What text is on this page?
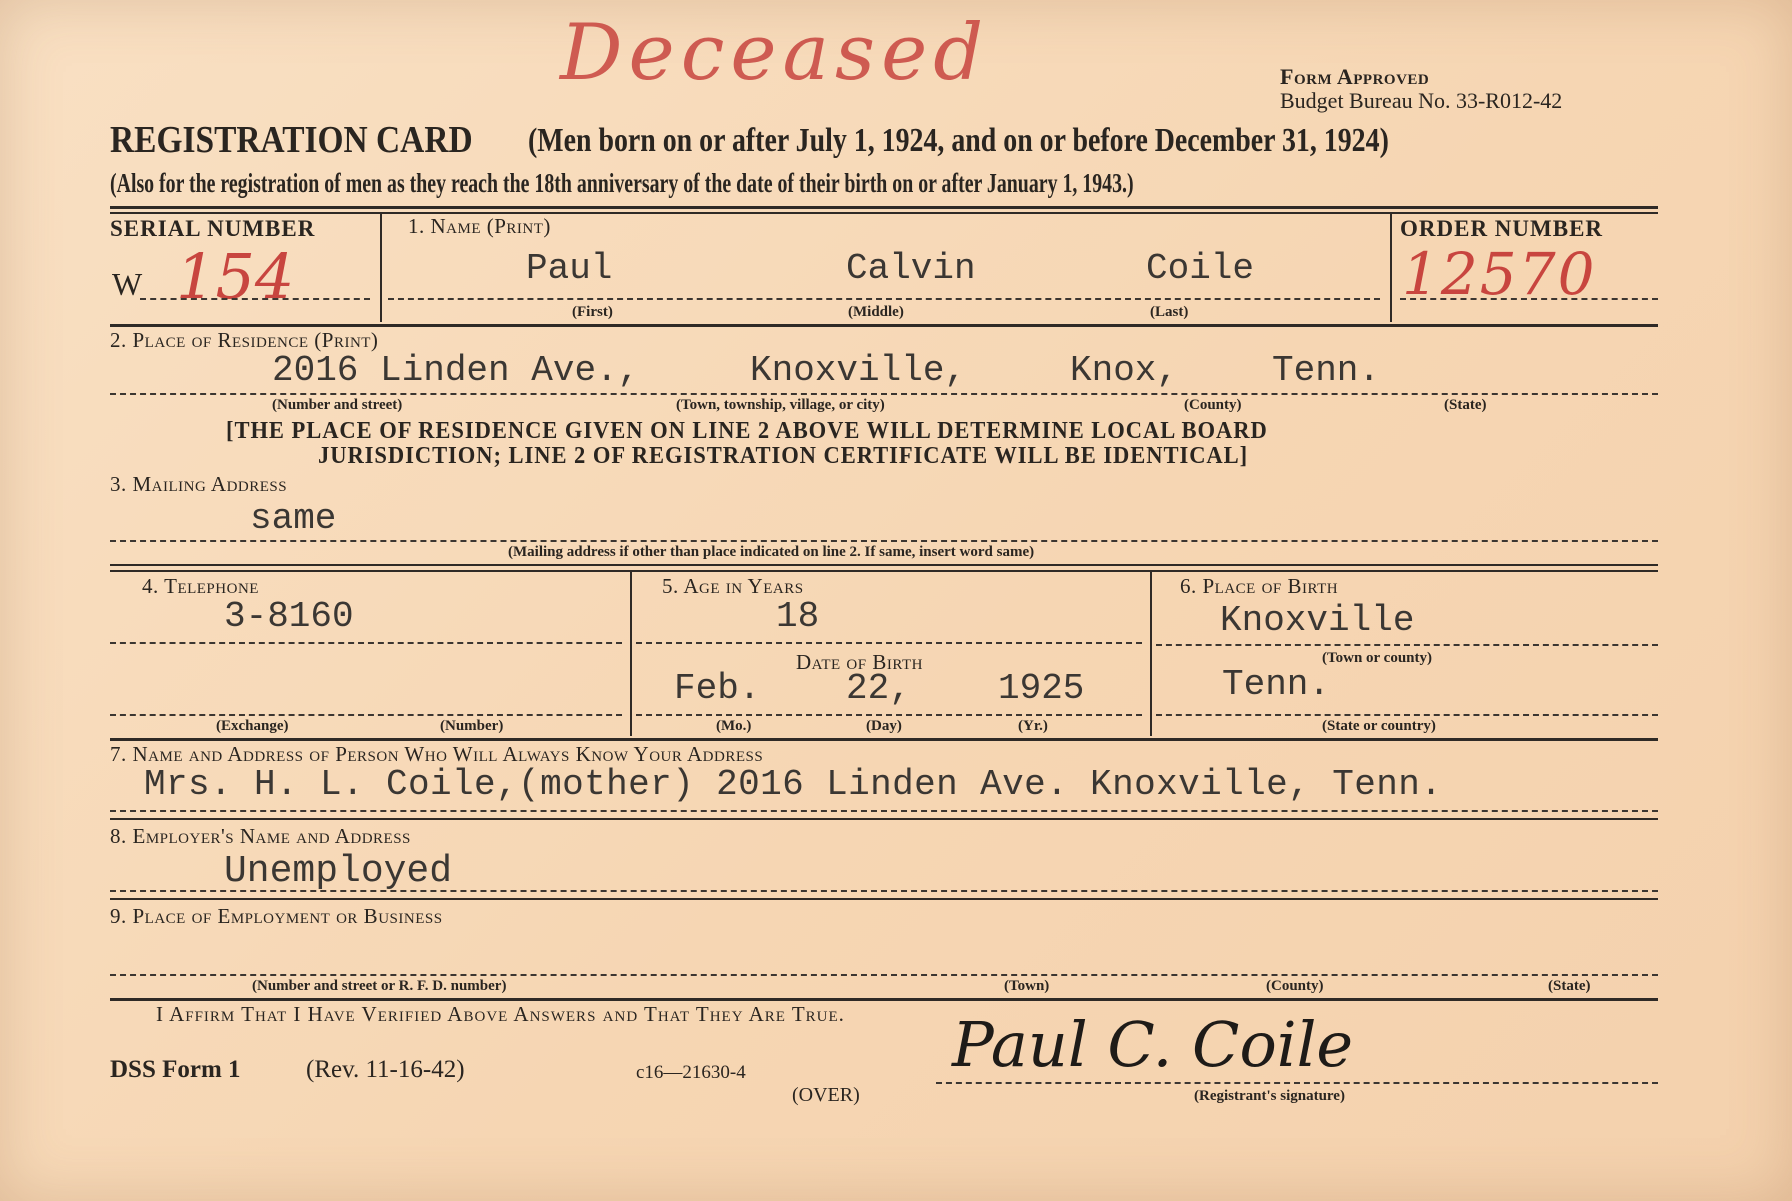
Deceased	Form Approved
Budget Bureau No. 33-R012-42
REGISTRATION CARD (Men born on or after July 1, 1924, and on or before December 31, 1924)
(Also for the registration of men as they reach the 18th anniversary of the date of their birth on or after January 1, 1943.)
SERIAL NUMBER
W 154
1. Name (Print)
Paul	Calvin	Coile
(First)	(Middle)	(Last)
ORDER NUMBER
12570
2. Place of Residence (Print)
2016 Linden Ave.,	Knoxville,	Knox,	Tenn.
(Number and street)	(Town, township, village, or city)	(County)	(State)
[THE PLACE OF RESIDENCE GIVEN ON LINE 2 ABOVE WILL DETERMINE LOCAL BOARD
JURISDICTION; LINE 2 OF REGISTRATION CERTIFICATE WILL BE IDENTICAL]
3. Mailing Address
same
(Mailing address if other than place indicated on line 2. If same, insert word same)
4. Telephone
3-8160
(Exchange)	(Number)
5. Age in Years
18
Date of Birth
Feb. 22, 1925
(Mo.)	(Day)	(Yr.)
6. Place of Birth
Knoxville
(Town or county)
Tenn.
(State or country)
7. Name and Address of Person Who Will Always Know Your Address
Mrs. H. L. Coile,(mother) 2016 Linden Ave. Knoxville, Tenn.
8. Employer's Name and Address
Unemployed
9. Place of Employment or Business
(Number and street or R. F. D. number)	(Town)	(County)	(State)
I Affirm That I Have Verified Above Answers and That They Are True.
DSS Form 1	(Rev. 11-16-42)	c16—21630-4
(OVER)
Paul C. Coile
(Registrant's signature)
